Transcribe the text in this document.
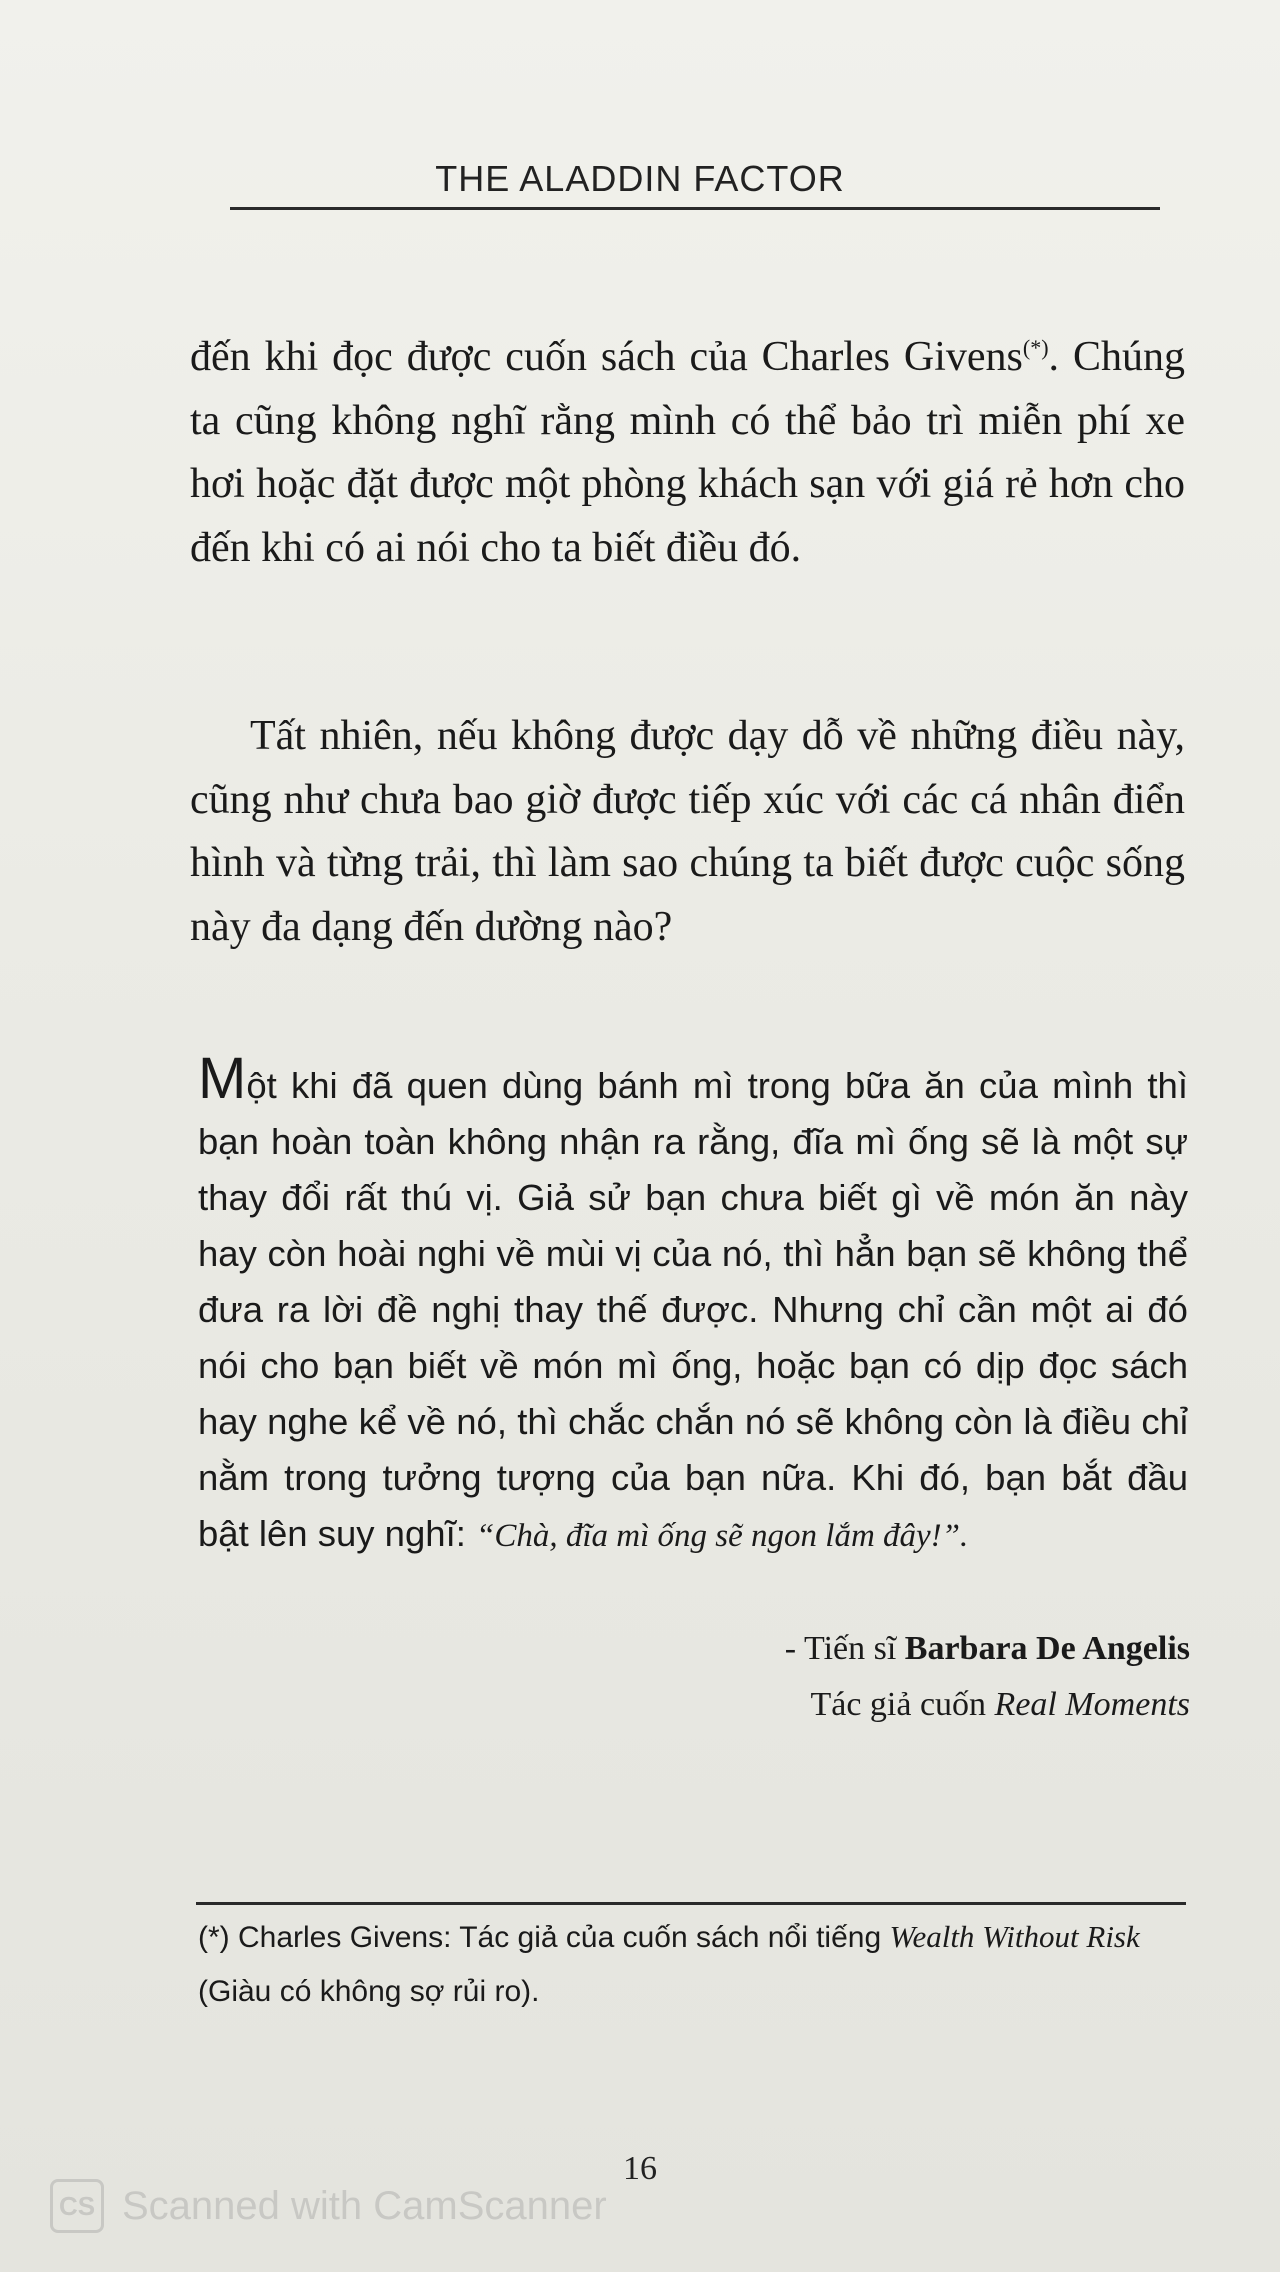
THE ALADDIN FACTOR
đến khi đọc được cuốn sách của Charles Givens(*). Chúng ta cũng không nghĩ rằng mình có thể bảo trì miễn phí xe hơi hoặc đặt được một phòng khách sạn với giá rẻ hơn cho đến khi có ai nói cho ta biết điều đó.
Tất nhiên, nếu không được dạy dỗ về những điều này, cũng như chưa bao giờ được tiếp xúc với các cá nhân điển hình và từng trải, thì làm sao chúng ta biết được cuộc sống này đa dạng đến dường nào?
Một khi đã quen dùng bánh mì trong bữa ăn của mình thì bạn hoàn toàn không nhận ra rằng, đĩa mì ống sẽ là một sự thay đổi rất thú vị. Giả sử bạn chưa biết gì về món ăn này hay còn hoài nghi về mùi vị của nó, thì hẳn bạn sẽ không thể đưa ra lời đề nghị thay thế được. Nhưng chỉ cần một ai đó nói cho bạn biết về món mì ống, hoặc bạn có dịp đọc sách hay nghe kể về nó, thì chắc chắn nó sẽ không còn là điều chỉ nằm trong tưởng tượng của bạn nữa. Khi đó, bạn bắt đầu bật lên suy nghĩ: “Chà, đĩa mì ống sẽ ngon lắm đây!”.
- Tiến sĩ Barbara De Angelis
Tác giả cuốn Real Moments
(*) Charles Givens: Tác giả của cuốn sách nổi tiếng Wealth Without Risk (Giàu có không sợ rủi ro).
16
CS Scanned with CamScanner
